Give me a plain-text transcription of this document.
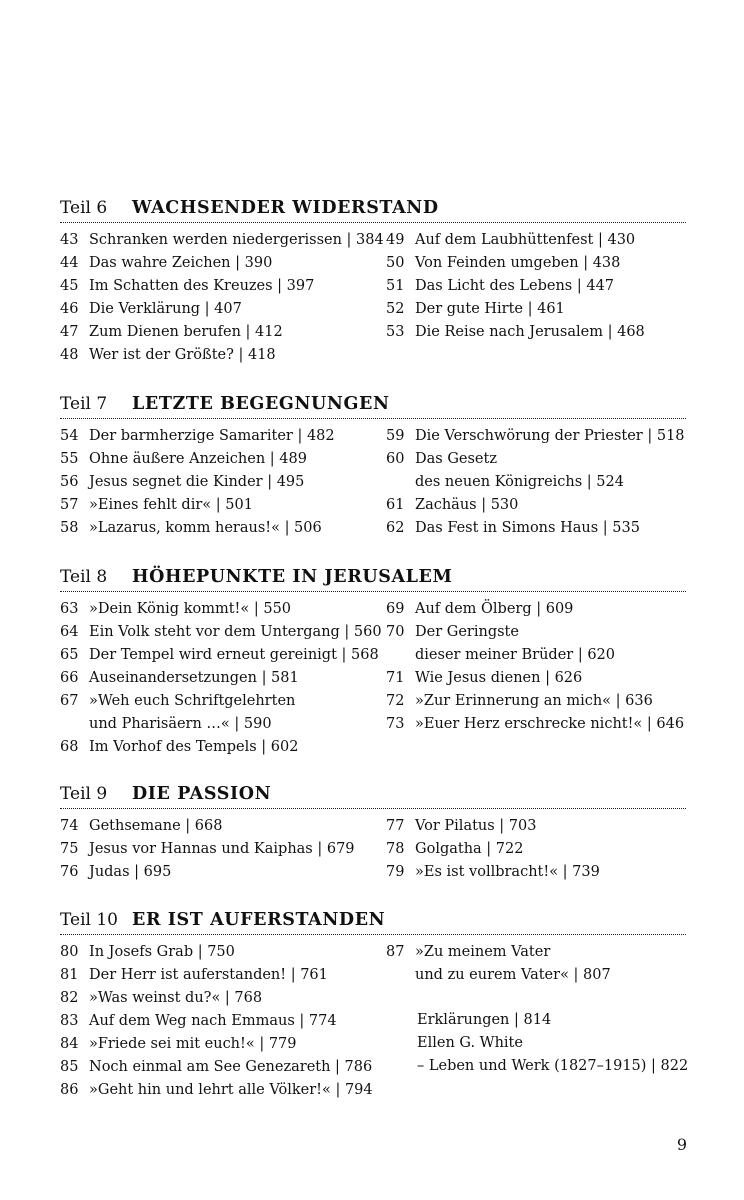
Teil 6 WACHSENDER WIDERSTAND
43 Schranken werden niedergerissen | 384
44 Das wahre Zeichen | 390
45 Im Schatten des Kreuzes | 397
46 Die Verklärung | 407
47 Zum Dienen berufen | 412
48 Wer ist der Größte? | 418
49 Auf dem Laubhüttenfest | 430
50 Von Feinden umgeben | 438
51 Das Licht des Lebens | 447
52 Der gute Hirte | 461
53 Die Reise nach Jerusalem | 468
Teil 7 LETZTE BEGEGNUNGEN
54 Der barmherzige Samariter | 482
55 Ohne äußere Anzeichen | 489
56 Jesus segnet die Kinder | 495
57 »Eines fehlt dir« | 501
58 »Lazarus, komm heraus!« | 506
59 Die Verschwörung der Priester | 518
60 Das Gesetz
des neuen Königreichs | 524
61 Zachäus | 530
62 Das Fest in Simons Haus | 535
Teil 8 HÖHEPUNKTE IN JERUSALEM
63 »Dein König kommt!« | 550
64 Ein Volk steht vor dem Untergang | 560
65 Der Tempel wird erneut gereinigt | 568
66 Auseinandersetzungen | 581
67 »Weh euch Schriftgelehrten
und Pharisäern …« | 590
68 Im Vorhof des Tempels | 602
69 Auf dem Ölberg | 609
70 Der Geringste
dieser meiner Brüder | 620
71 Wie Jesus dienen | 626
72 »Zur Erinnerung an mich« | 636
73 »Euer Herz erschrecke nicht!« | 646
Teil 9 DIE PASSION
74 Gethsemane | 668
75 Jesus vor Hannas und Kaiphas | 679
76 Judas | 695
77 Vor Pilatus | 703
78 Golgatha | 722
79 »Es ist vollbracht!« | 739
Teil 10 ER IST AUFERSTANDEN
80 In Josefs Grab | 750
81 Der Herr ist auferstanden! | 761
82 »Was weinst du?« | 768
83 Auf dem Weg nach Emmaus | 774
84 »Friede sei mit euch!« | 779
85 Noch einmal am See Genezareth | 786
86 »Geht hin und lehrt alle Völker!« | 794
87 »Zu meinem Vater
und zu eurem Vater« | 807
Erklärungen | 814
Ellen G. White
– Leben und Werk (1827–1915) | 822
9
